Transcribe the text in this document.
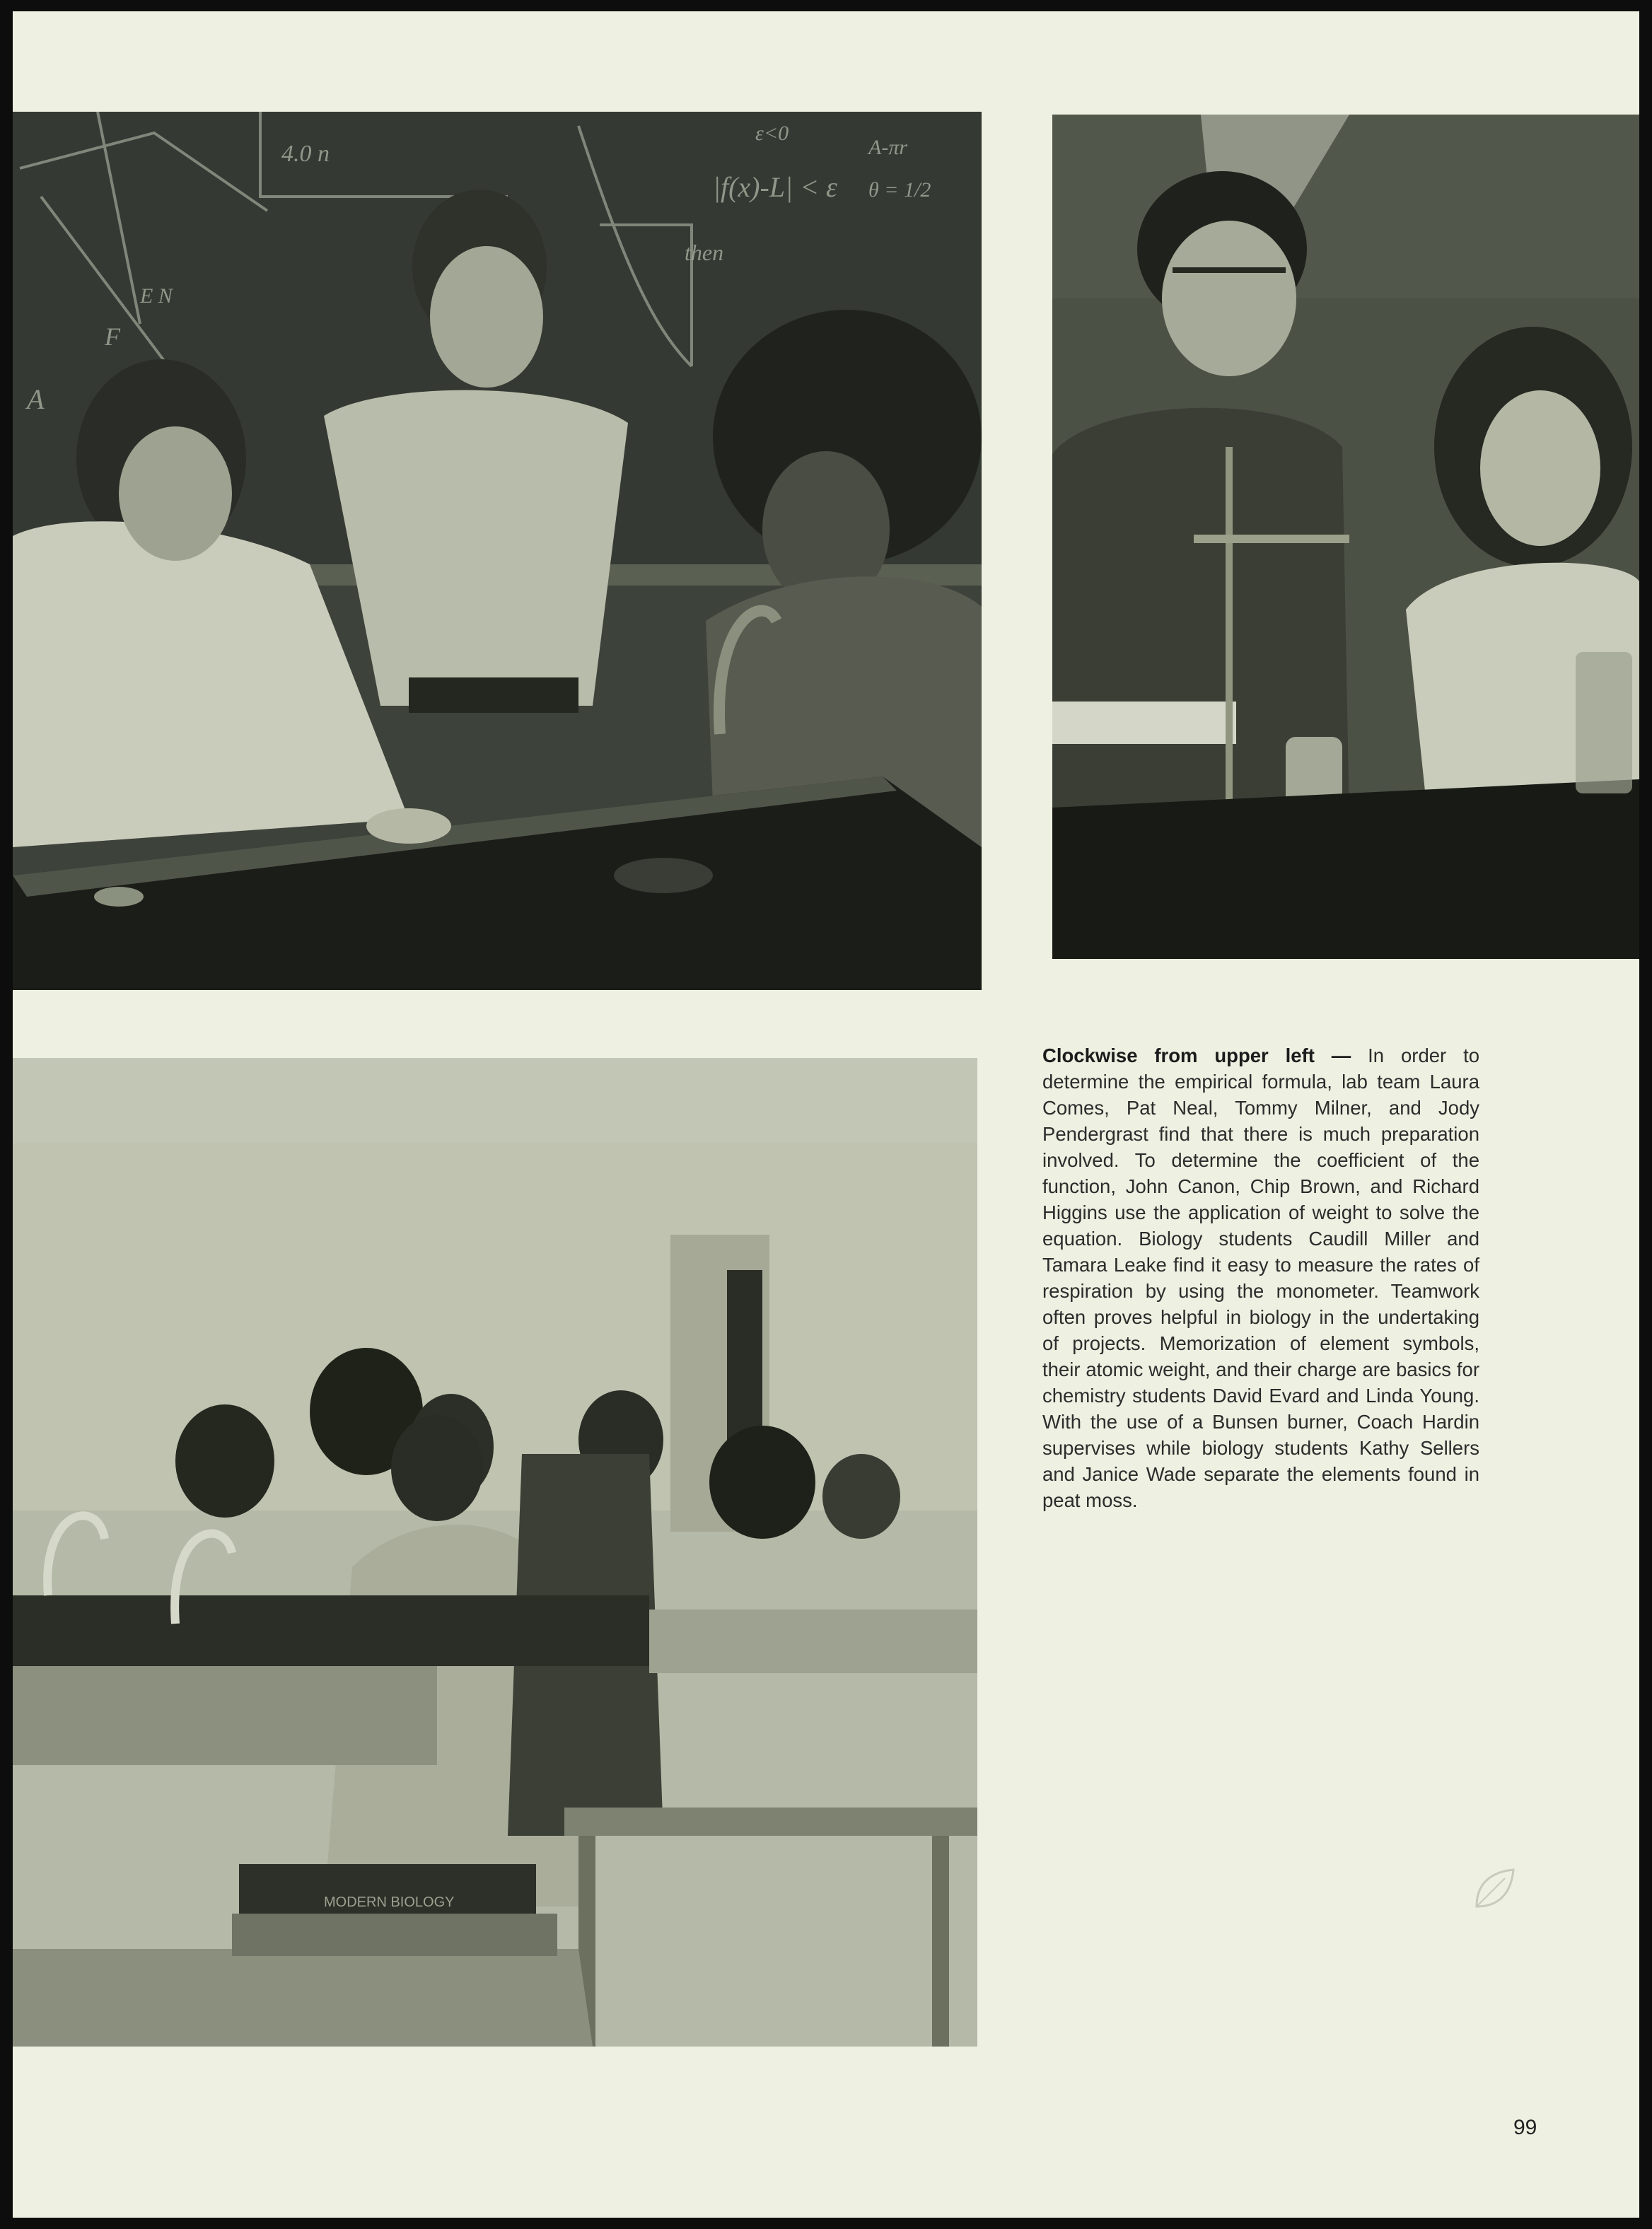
4.0 n
A
F
E N
|f(x)-L| < ε
ε<0
A-πr
θ = 1/2
then
MODERN BIOLOGY

Clockwise from upper left — In order to determine the empirical formula, lab team Laura Comes, Pat Neal, Tommy Milner, and Jody Pendergrast find that there is much preparation involved. To determine the coefficient of the function, John Canon, Chip Brown, and Richard Higgins use the application of weight to solve the equation. Biology students Caudill Miller and Tamara Leake find it easy to measure the rates of respiration by using the monometer. Teamwork often proves helpful in biology in the undertaking of projects. Memorization of element symbols, their atomic weight, and their charge are basics for chemistry students David Evard and Linda Young. With the use of a Bunsen burner, Coach Hardin supervises while biology students Kathy Sellers and Janice Wade separate the elements found in peat moss.

99
